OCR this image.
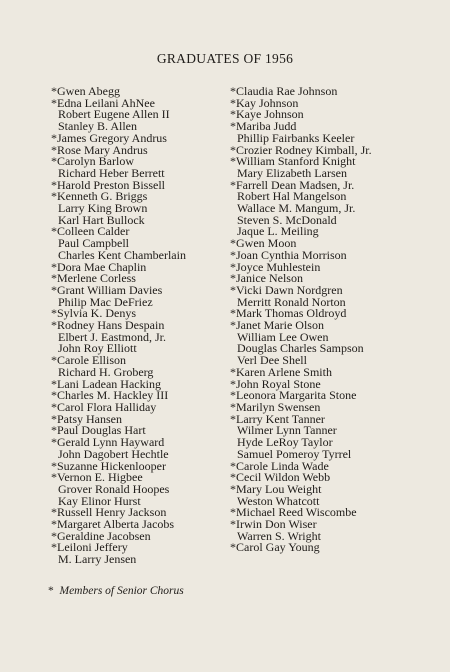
GRADUATES OF 1956
*Gwen Abegg
*Edna Leilani AhNee
Robert Eugene Allen II
Stanley B. Allen
*James Gregory Andrus
*Rose Mary Andrus
*Carolyn Barlow
Richard Heber Berrett
*Harold Preston Bissell
*Kenneth G. Briggs
Larry King Brown
Karl Hart Bullock
*Colleen Calder
Paul Campbell
Charles Kent Chamberlain
*Dora Mae Chaplin
*Merlene Corless
*Grant William Davies
Philip Mac DeFriez
*Sylvia K. Denys
*Rodney Hans Despain
Elbert J. Eastmond, Jr.
John Roy Elliott
*Carole Ellison
Richard H. Groberg
*Lani Ladean Hacking
*Charles M. Hackley III
*Carol Flora Halliday
*Patsy Hansen
*Paul Douglas Hart
*Gerald Lynn Hayward
John Dagobert Hechtle
*Suzanne Hickenlooper
*Vernon E. Higbee
Grover Ronald Hoopes
Kay Elinor Hurst
*Russell Henry Jackson
*Margaret Alberta Jacobs
*Geraldine Jacobsen
*Leiloni Jeffery
M. Larry Jensen
*Claudia Rae Johnson
*Kay Johnson
*Kaye Johnson
*Mariba Judd
Phillip Fairbanks Keeler
*Crozier Rodney Kimball, Jr.
*William Stanford Knight
Mary Elizabeth Larsen
*Farrell Dean Madsen, Jr.
Robert Hal Mangelson
Wallace M. Mangum, Jr.
Steven S. McDonald
Jaque L. Meiling
*Gwen Moon
*Joan Cynthia Morrison
*Joyce Muhlestein
*Janice Nelson
*Vicki Dawn Nordgren
Merritt Ronald Norton
*Mark Thomas Oldroyd
*Janet Marie Olson
William Lee Owen
Douglas Charles Sampson
Verl Dee Shell
*Karen Arlene Smith
*John Royal Stone
*Leonora Margarita Stone
*Marilyn Swensen
*Larry Kent Tanner
Wilmer Lynn Tanner
Hyde LeRoy Taylor
Samuel Pomeroy Tyrrel
*Carole Linda Wade
*Cecil Wildon Webb
*Mary Lou Weight
Weston Whatcott
*Michael Reed Wiscombe
*Irwin Don Wiser
Warren S. Wright
*Carol Gay Young
* Members of Senior Chorus
